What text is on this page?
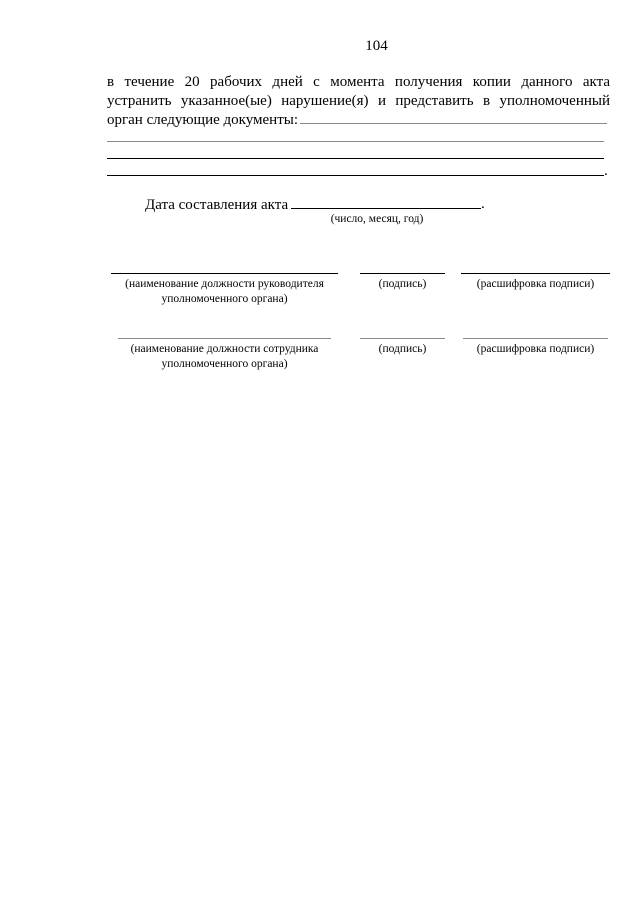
104
в течение 20 рабочих дней с момента получения копии данного акта
устранить указанное(ые) нарушение(я) и представить в уполномоченный
орган следующие документы:
.
Дата составления акта	.
(число, месяц, год)
(наименование должности руководителя
уполномоченного органа)
(подпись)	(расшифровка подписи)
(наименование должности сотрудника
уполномоченного органа)
(подпись)	(расшифровка подписи)
